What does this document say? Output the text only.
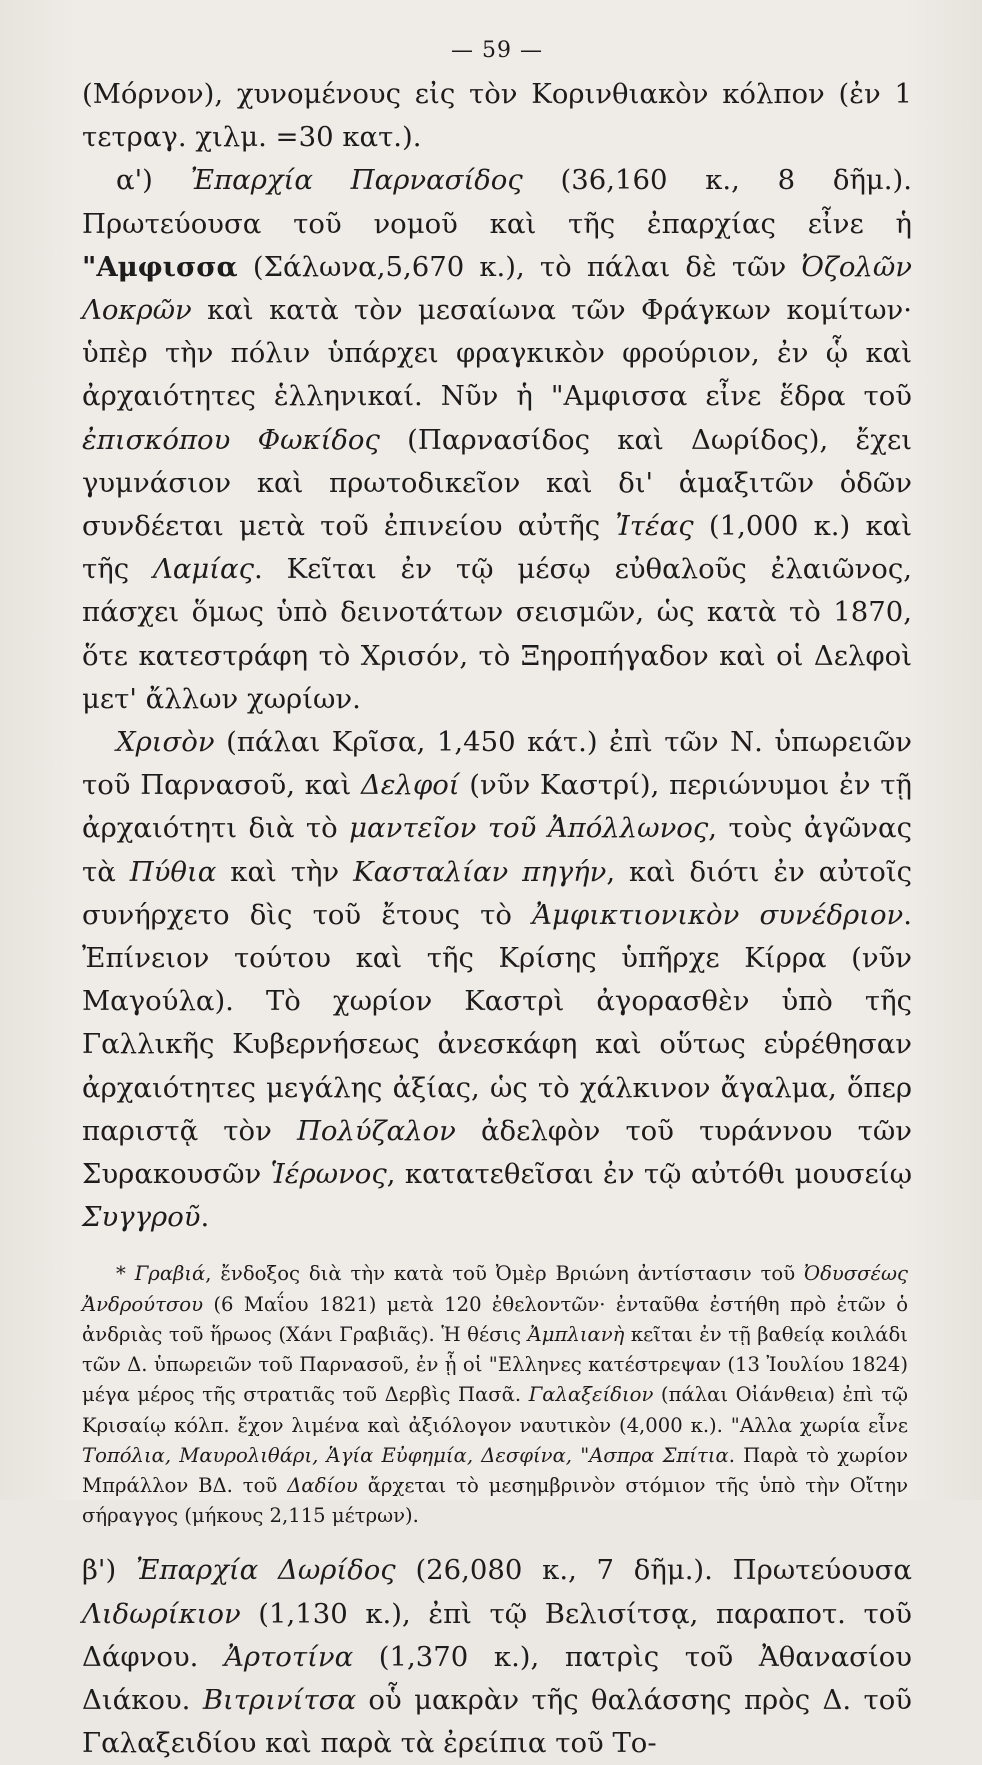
— 59 —

(Μόρνον), χυνομένους εἰς τὸν Κορινθιακὸν κόλπον (ἐν 1 τετραγ. χιλμ. =30 κατ.).

α') Ἐπαρχία Παρνασίδος (36,160 κ., 8 δῆμ.). Πρωτεύουσα τοῦ νομοῦ καὶ τῆς ἐπαρχίας εἶνε ἡ "Αμφισσα (Σάλωνα,5,670 κ.), τὸ πάλαι δὲ τῶν Ὀζολῶν Λοκρῶν καὶ κατὰ τὸν μεσαίωνα τῶν Φράγκων κομίτων· ὑπὲρ τὴν πόλιν ὑπάρχει φραγκικὸν φρούριον, ἐν ᾧ καὶ ἀρχαιότητες ἑλληνικαί. Νῦν ἡ "Αμφισσα εἶνε ἕδρα τοῦ ἐπισκόπου Φωκίδος (Παρνασίδος καὶ Δωρίδος), ἔχει γυμνάσιον καὶ πρωτοδικεῖον καὶ δι' ἁμαξιτῶν ὁδῶν συνδέεται μετὰ τοῦ ἐπινείου αὐτῆς Ἰτέας (1,000 κ.) καὶ τῆς Λαμίας. Κεῖται ἐν τῷ μέσῳ εὐθαλοῦς ἐλαιῶνος, πάσχει ὅμως ὑπὸ δεινοτάτων σεισμῶν, ὡς κατὰ τὸ 1870, ὅτε κατεστράφη τὸ Χρισόν, τὸ Ξηροπήγαδον καὶ οἱ Δελφοὶ μετ' ἄλλων χωρίων.

Χρισὸν (πάλαι Κρῖσα, 1,450 κάτ.) ἐπὶ τῶν Ν. ὑπωρειῶν τοῦ Παρνασοῦ, καὶ Δελφοί (νῦν Καστρί), περιώνυμοι ἐν τῇ ἀρχαιότητι διὰ τὸ μαντεῖον τοῦ Ἀπόλλωνος, τοὺς ἀγῶνας τὰ Πύθια καὶ τὴν Κασταλίαν πηγήν, καὶ διότι ἐν αὐτοῖς συνήρχετο δὶς τοῦ ἔτους τὸ Ἀμφικτιονικὸν συνέδριον. Ἐπίνειον τούτου καὶ τῆς Κρίσης ὑπῆρχε Κίρρα (νῦν Μαγούλα). Τὸ χωρίον Καστρὶ ἀγορασθὲν ὑπὸ τῆς Γαλλικῆς Κυβερνήσεως ἀνεσκάφη καὶ οὕτως εὑρέθησαν ἀρχαιότητες μεγάλης ἀξίας, ὡς τὸ χάλκινον ἄγαλμα, ὅπερ παριστᾷ τὸν Πολύζαλον ἀδελφὸν τοῦ τυράννου τῶν Συρακουσῶν Ἱέρωνος, κατατεθεῖσαι ἐν τῷ αὐτόθι μουσείῳ Συγγροῦ.

* Γραβιά, ἔνδοξος διὰ τὴν κατὰ τοῦ Ὀμὲρ Βριώνη ἀντίστασιν τοῦ Ὀδυσσέως Ἀνδρούτσου (6 Μαΐου 1821) μετὰ 120 ἐθελοντῶν· ἐνταῦθα ἐστήθη πρὸ ἐτῶν ὁ ἀνδριὰς τοῦ ἥρωος (Χάνι Γραβιᾶς). Ἡ θέσις Ἀμπλιανὴ κεῖται ἐν τῇ βαθείᾳ κοιλάδι τῶν Δ. ὑπωρειῶν τοῦ Παρνασοῦ, ἐν ᾗ οἱ "Ελληνες κατέστρεψαν (13 Ἰουλίου 1824) μέγα μέρος τῆς στρατιᾶς τοῦ Δερβὶς Πασᾶ. Γαλαξείδιον (πάλαι Οἰάνθεια) ἐπὶ τῷ Κρισαίῳ κόλπ. ἔχον λιμένα καὶ ἀξιόλογον ναυτικὸν (4,000 κ.). "Αλλα χωρία εἶνε Τοπόλια, Μαυρολιθάρι, Ἁγία Εὐφημία, Δεσφίνα, "Ασπρα Σπίτια. Παρὰ τὸ χωρίον Μπράλλον ΒΔ. τοῦ Δαδίου ἄρχεται τὸ μεσημβρινὸν στόμιον τῆς ὑπὸ τὴν Οἴτην σήραγγος (μήκους 2,115 μέτρων).

β') Ἐπαρχία Δωρίδος (26,080 κ., 7 δῆμ.). Πρωτεύουσα Λιδωρίκιον (1,130 κ.), ἐπὶ τῷ Βελισίτσᾳ, παραποτ. τοῦ Δάφνου. Ἀρτοτίνα (1,370 κ.), πατρὶς τοῦ Ἀθανασίου Διάκου. Βιτρινίτσα οὗ μακρὰν τῆς θαλάσσης πρὸς Δ. τοῦ Γαλαξειδίου καὶ παρὰ τὰ ἐρείπια τοῦ Το-
